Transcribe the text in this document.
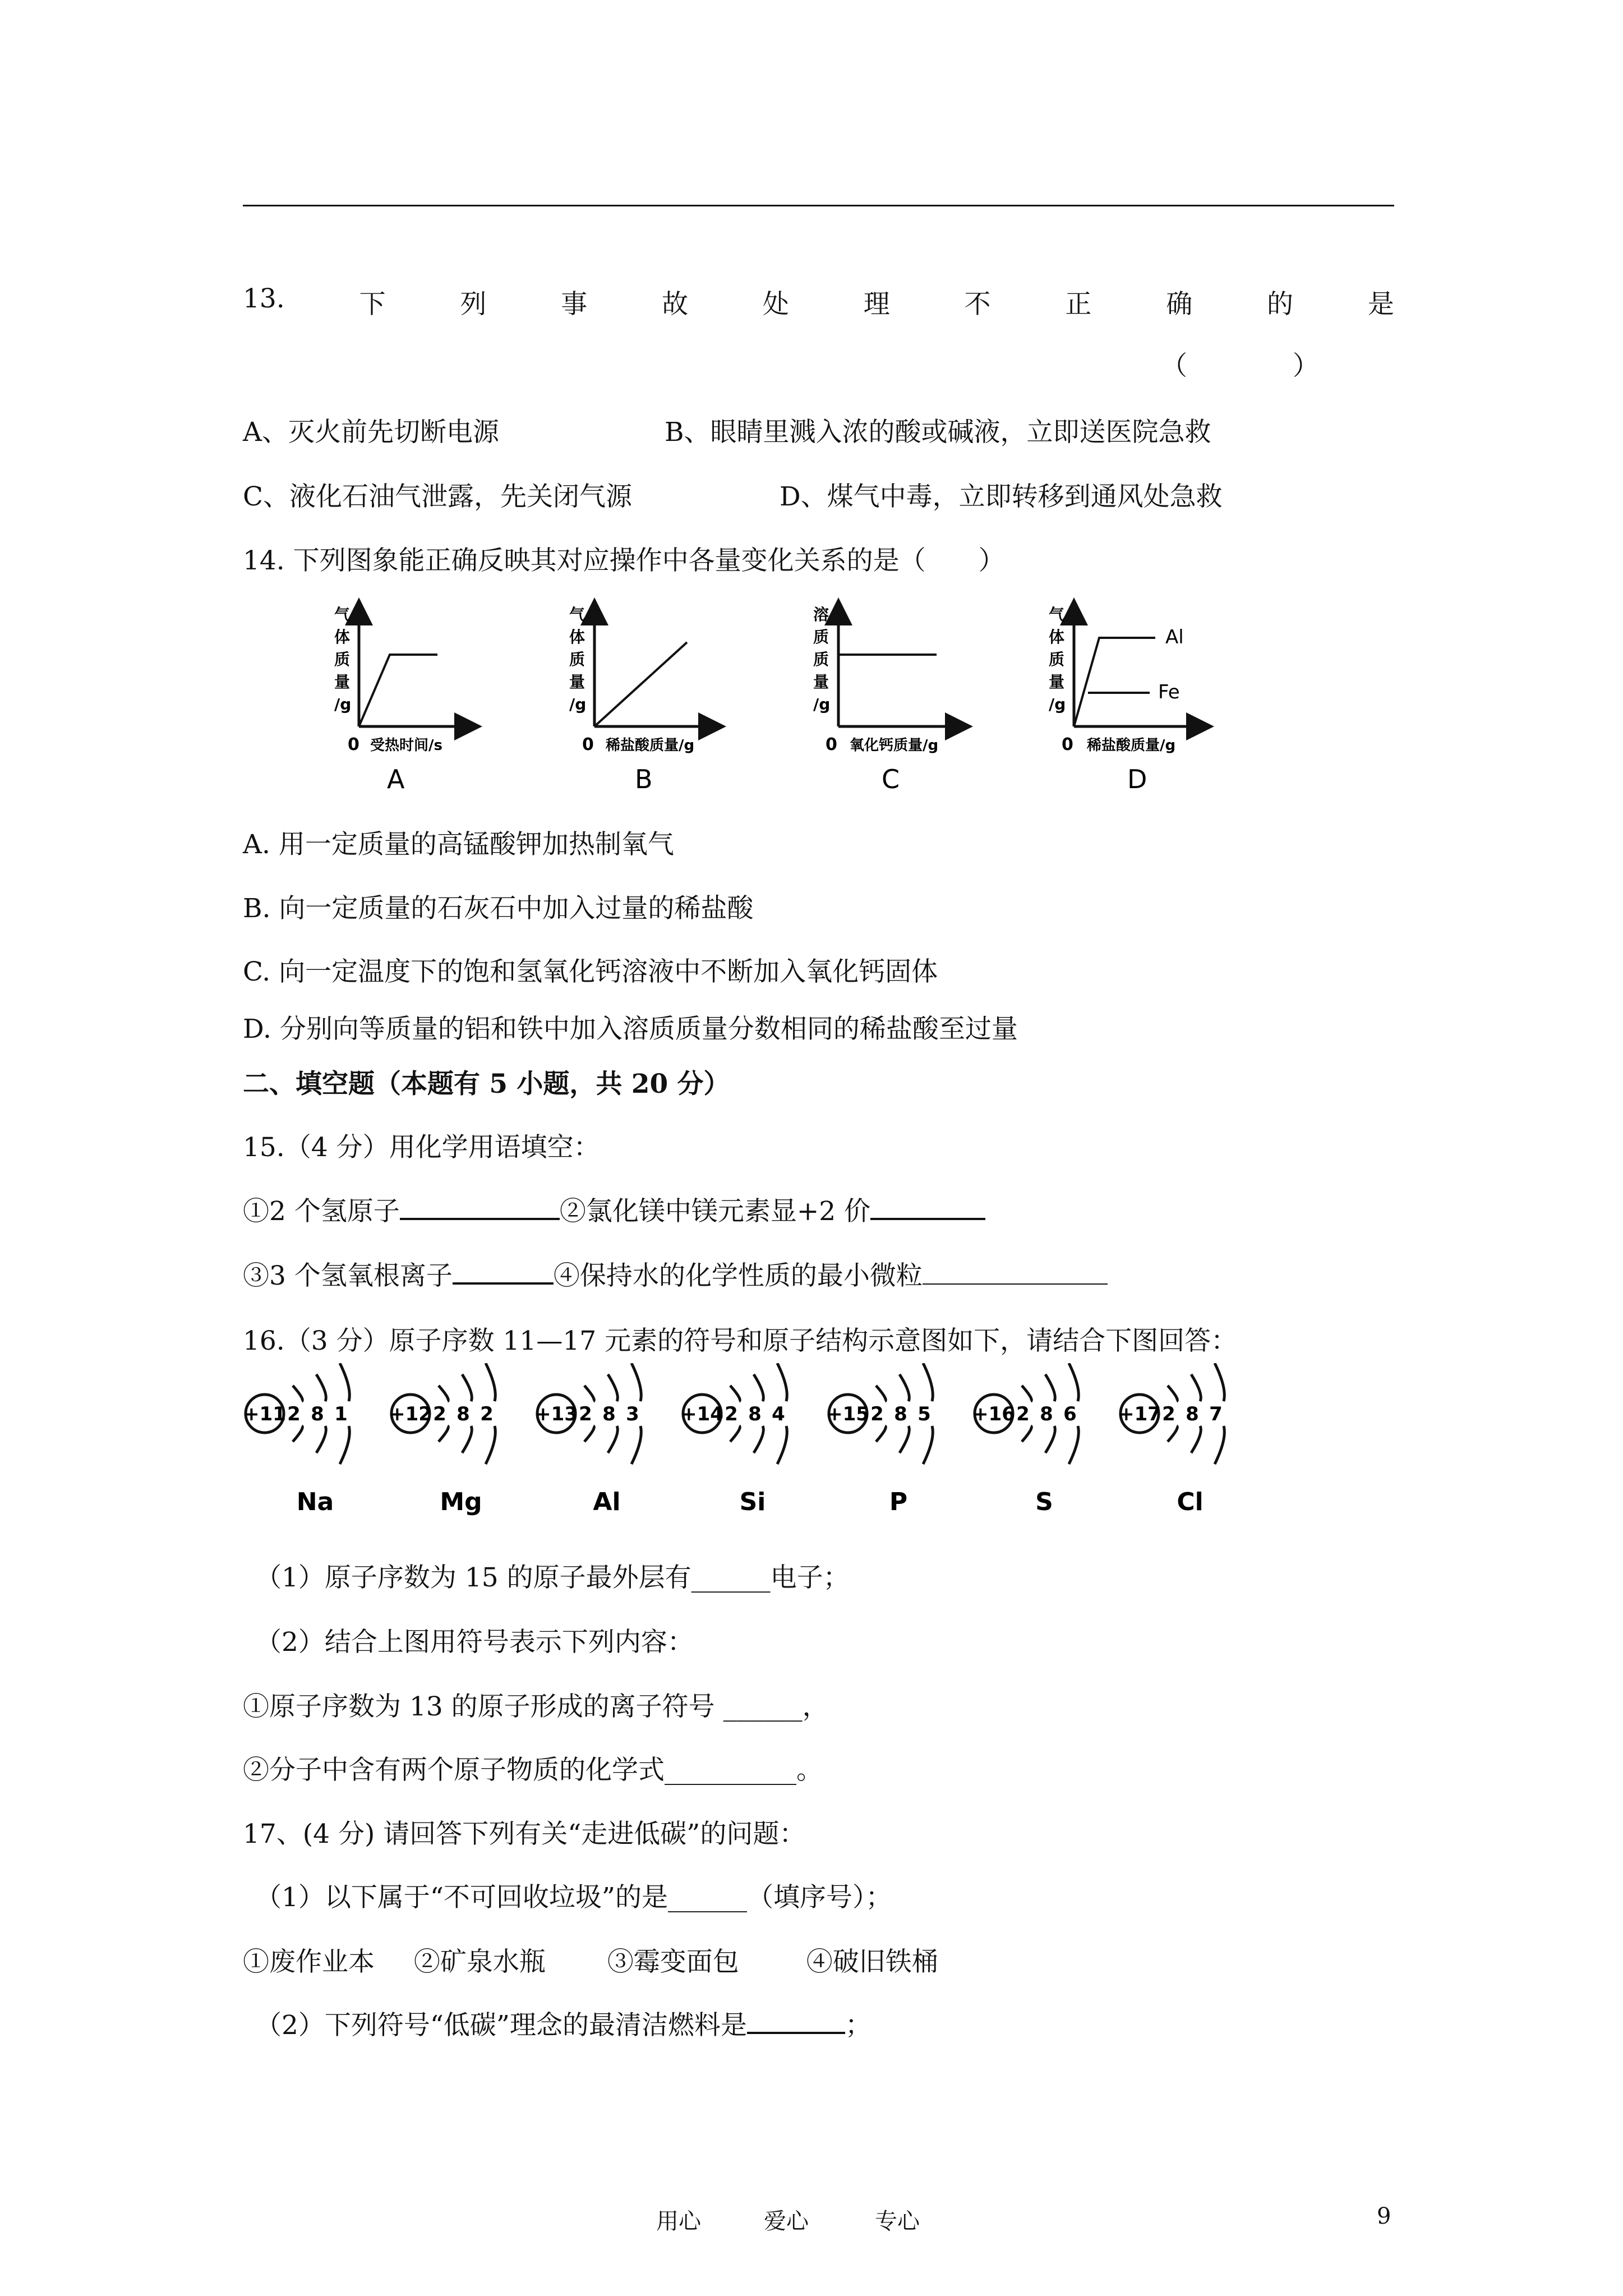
13.	下	列	事	故	处	理	不	正	确	的	是
（　　　　）
A、灭火前先切断电源	B、眼睛里溅入浓的酸或碱液，立即送医院急救
C、液化石油气泄露，先关闭气源	D、煤气中毒，立即转移到通风处急救
14. 下列图象能正确反映其对应操作中各量变化关系的是（　　）
气
体
质
量
/g
0 受热时间/s
气
体
质
量
/g
0 稀盐酸质量/g
溶
质
质
量
/g
0 氧化钙质量/g
Al
Fe
气
体
质
量
/g
0 稀盐酸质量/g
A	B	C	D
A. 用一定质量的高锰酸钾加热制氧气
B. 向一定质量的石灰石中加入过量的稀盐酸
C. 向一定温度下的饱和氢氧化钙溶液中不断加入氧化钙固体
D. 分别向等质量的铝和铁中加入溶质质量分数相同的稀盐酸至过量
二、填空题（本题有 5 小题，共 20 分）
15.（4 分）用化学用语填空：
①2 个氢原子	②氯化镁中镁元素显+2 价
③3 个氢氧根离子	④保持水的化学性质的最小微粒
16.（3 分）原子序数 11—17 元素的符号和原子结构示意图如下，请结合下图回答：
+11 2 8 1
Na
+12 2 8 2
Mg
+13 2 8 3
Al
+14 2 8 4
Si
+15 2 8 5
P
+16 2 8 6
S
+17 2 8 7
Cl
（1）原子序数为 15 的原子最外层有______电子；
（2）结合上图用符号表示下列内容：
①原子序数为 13 的原子形成的离子符号 ______，
②分子中含有两个原子物质的化学式__________。
17、(4 分) 请回答下列有关“走进低碳”的问题：
（1）以下属于“不可回收垃圾”的是______（填序号）；
①废作业本 ②矿泉水瓶 ③霉变面包	④破旧铁桶
（2）下列符号“低碳”理念的最清洁燃料是	；
用心	爱心	专心	9
